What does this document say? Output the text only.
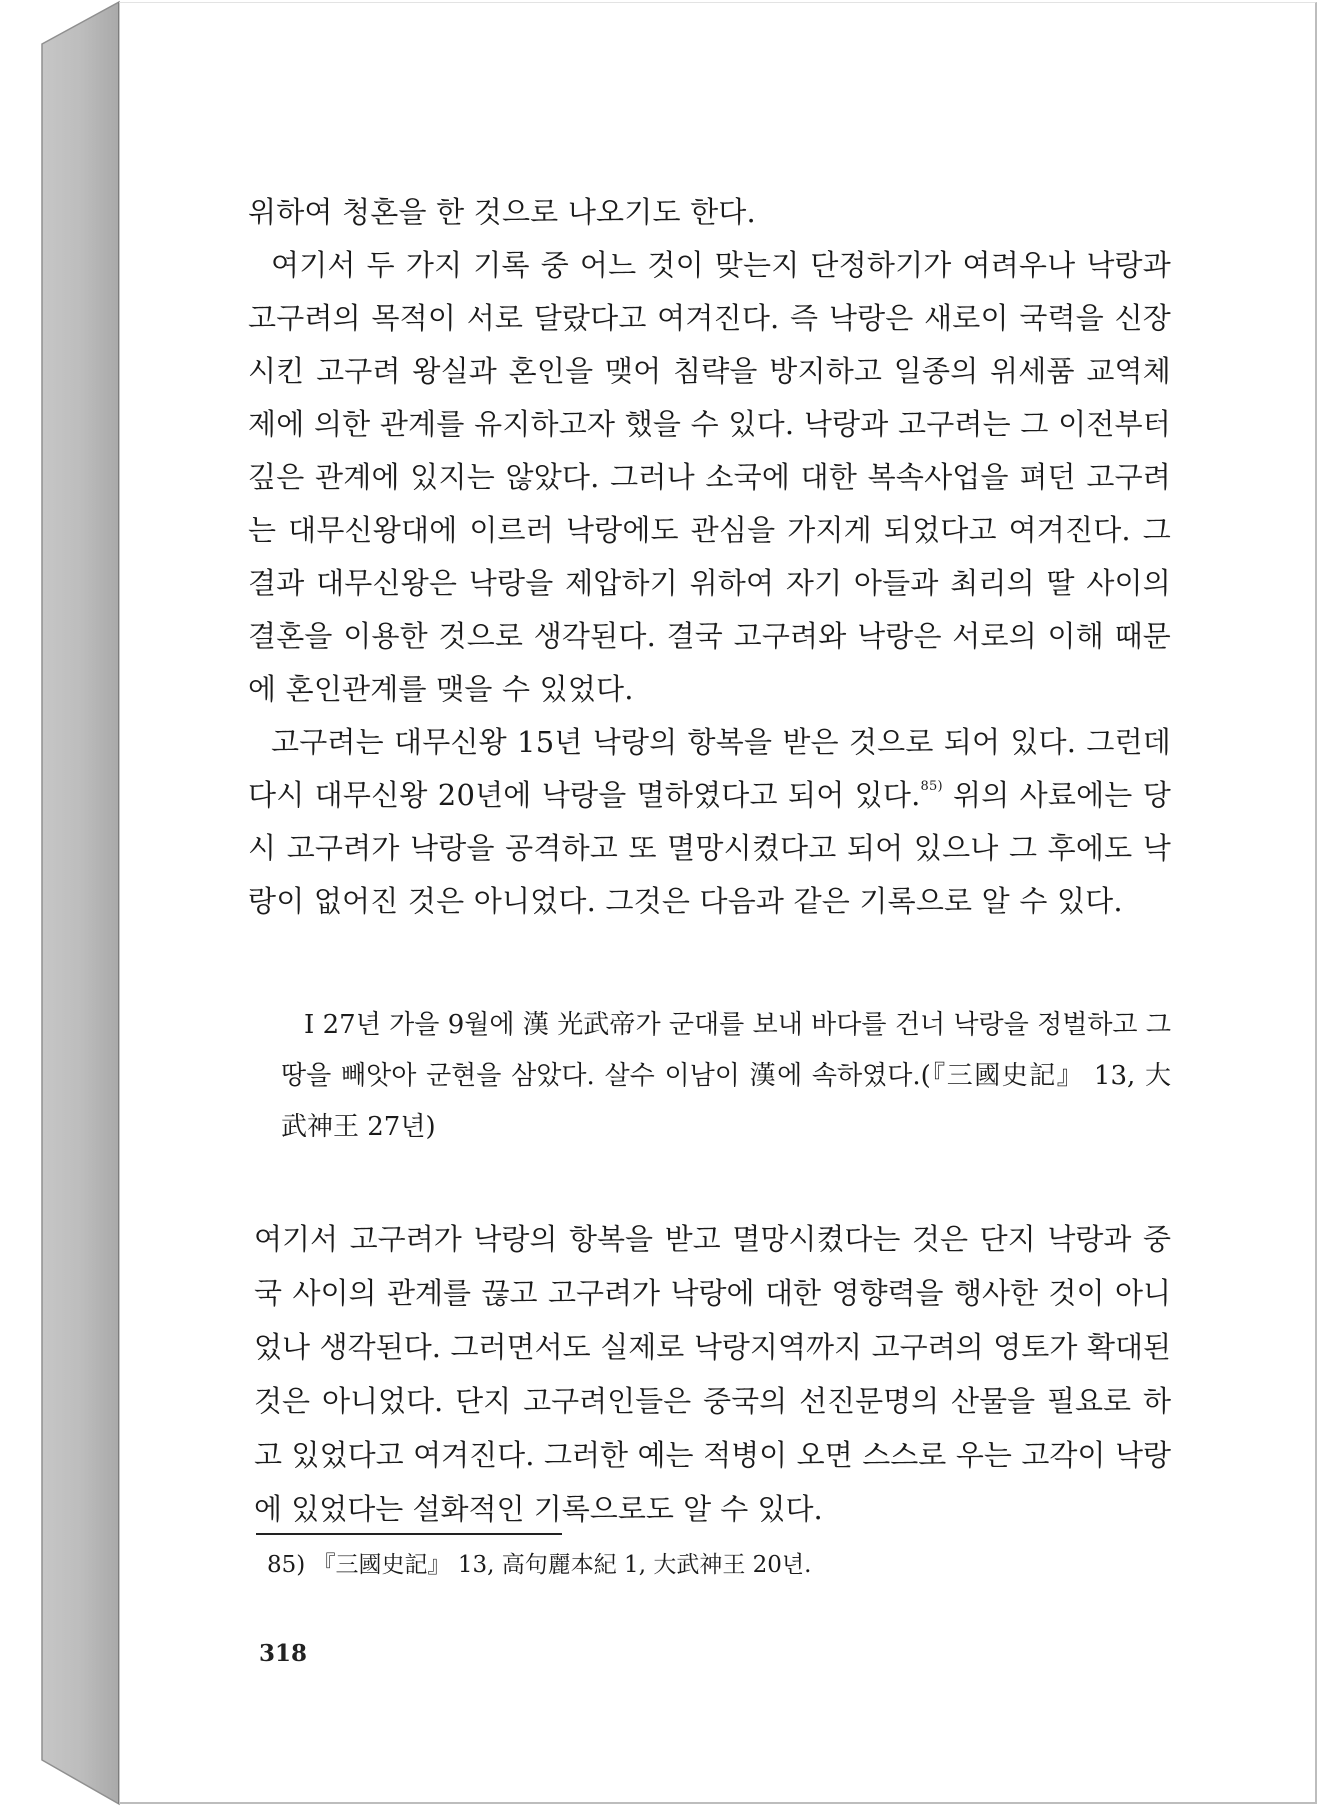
위하여 청혼을 한 것으로 나오기도 한다.

여기서 두 가지 기록 중 어느 것이 맞는지 단정하기가 여려우나 낙랑과 고구려의 목적이 서로 달랐다고 여겨진다. 즉 낙랑은 새로이 국력을 신장시킨 고구려 왕실과 혼인을 맺어 침략을 방지하고 일종의 위세품 교역체제에 의한 관계를 유지하고자 했을 수 있다. 낙랑과 고구려는 그 이전부터 깊은 관계에 있지는 않았다. 그러나 소국에 대한 복속사업을 펴던 고구려는 대무신왕대에 이르러 낙랑에도 관심을 가지게 되었다고 여겨진다. 그 결과 대무신왕은 낙랑을 제압하기 위하여 자기 아들과 최리의 딸 사이의 결혼을 이용한 것으로 생각된다. 결국 고구려와 낙랑은 서로의 이해 때문에 혼인관계를 맺을 수 있었다.

고구려는 대무신왕 15년 낙랑의 항복을 받은 것으로 되어 있다. 그런데 다시 대무신왕 20년에 낙랑을 멸하였다고 되어 있다.$^{85)}$ 위의 사료에는 당시 고구려가 낙랑을 공격하고 또 멸망시켰다고 되어 있으나 그 후에도 낙랑이 없어진 것은 아니었다. 그것은 다음과 같은 기록으로 알 수 있다.

I 27년 가을 9월에 漢 光武帝가 군대를 보내 바다를 건너 낙랑을 정벌하고 그 땅을 빼앗아 군현을 삼았다. 살수 이남이 漢에 속하였다.(『三國史記』 13, 大武神王 27년)
여기서 고구려가 낙랑의 항복을 받고 멸망시켰다는 것은 단지 낙랑과 중국 사이의 관계를 끊고 고구려가 낙랑에 대한 영향력을 행사한 것이 아니었나 생각된다. 그러면서도 실제로 낙랑지역까지 고구려의 영토가 확대된 것은 아니었다. 단지 고구려인들은 중국의 선진문명의 산물을 필요로 하고 있었다고 여겨진다. 그러한 예는 적병이 오면 스스로 우는 고각이 낙랑에 있었다는 설화적인 기록으로도 알 수 있다.
85) 『三國史記』 13, 高句麗本紀 1, 大武神王 20년.
318
